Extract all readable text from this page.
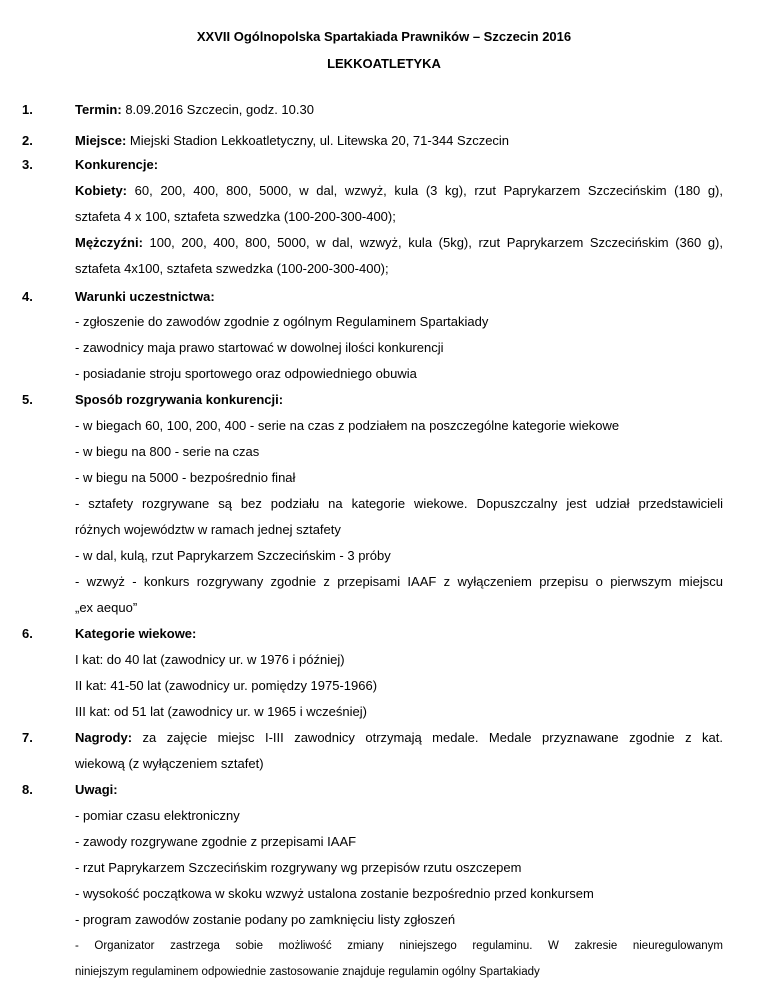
XXVII Ogólnopolska Spartakiada Prawników – Szczecin 2016
LEKKOATLETYKA
1.	Termin: 8.09.2016 Szczecin, godz. 10.30
2.	Miejsce: Miejski Stadion Lekkoatletyczny, ul. Litewska 20, 71-344 Szczecin
3.	Konkurencje:
Kobiety: 60, 200, 400, 800, 5000, w dal, wzwyż, kula (3 kg), rzut Paprykarzem Szczecińskim (180 g),
sztafeta 4 x 100, sztafeta szwedzka (100-200-300-400);
Mężczyźni: 100, 200, 400, 800, 5000, w dal, wzwyż, kula (5kg), rzut Paprykarzem Szczecińskim (360 g),
sztafeta 4x100, sztafeta szwedzka (100-200-300-400);
4.	Warunki uczestnictwa:
- zgłoszenie do zawodów zgodnie z ogólnym Regulaminem Spartakiady
- zawodnicy maja prawo startować w dowolnej ilości konkurencji
- posiadanie stroju sportowego oraz odpowiedniego obuwia
5.	Sposób rozgrywania konkurencji:
- w biegach 60, 100, 200, 400 - serie na czas z podziałem na poszczególne kategorie wiekowe
- w biegu na 800 - serie na czas
- w biegu na 5000 - bezpośrednio finał
- sztafety rozgrywane są bez podziału na kategorie wiekowe. Dopuszczalny jest udział przedstawicieli
różnych województw w ramach jednej sztafety
- w dal, kulą, rzut Paprykarzem Szczecińskim - 3 próby
- wzwyż - konkurs rozgrywany zgodnie z przepisami IAAF z wyłączeniem przepisu o pierwszym miejscu
„ex aequo”
6.	Kategorie wiekowe:
I kat: do 40 lat (zawodnicy ur. w 1976 i później)
II kat: 41-50 lat (zawodnicy ur. pomiędzy 1975-1966)
III kat: od 51 lat (zawodnicy ur. w 1965 i wcześniej)
7.	Nagrody: za zajęcie miejsc I-III zawodnicy otrzymają medale. Medale przyznawane zgodnie z kat.
wiekową (z wyłączeniem sztafet)
8.	Uwagi:
- pomiar czasu elektroniczny
- zawody rozgrywane zgodnie z przepisami IAAF
- rzut Paprykarzem Szczecińskim rozgrywany wg przepisów rzutu oszczepem
- wysokość początkowa w skoku wzwyż ustalona zostanie bezpośrednio przed konkursem
- program zawodów zostanie podany po zamknięciu listy zgłoszeń
- Organizator zastrzega sobie możliwość zmiany niniejszego regulaminu. W zakresie nieuregulowanym
niniejszym regulaminem odpowiednie zastosowanie znajduje regulamin ogólny Spartakiady
